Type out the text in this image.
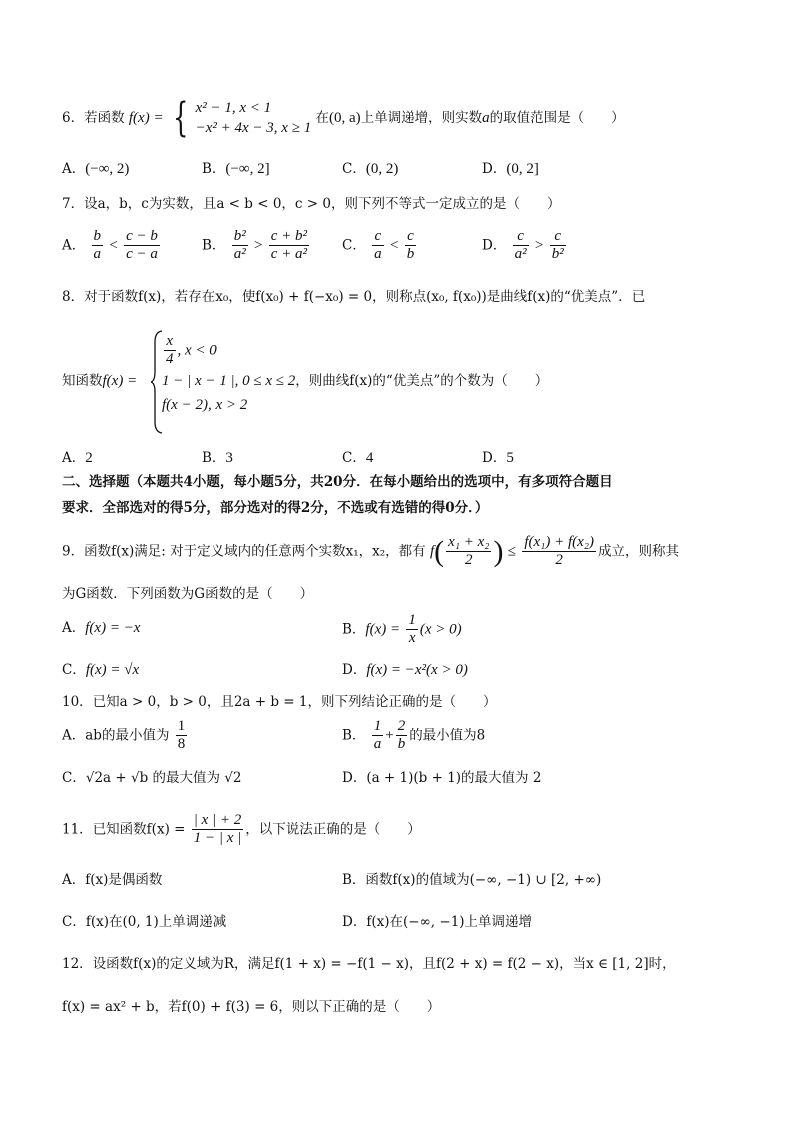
6．若函数 f(x) = { x² − 1, x < 1
−x² + 4x − 3, x ≥ 1
在(0, a)上单调递增，则实数a的取值范围是（　　）
A．(−∞, 2)	B．(−∞, 2]	C．(0, 2)	D．(0, 2]
7．设a，b，c为实数，且a < b < 0，c > 0，则下列不等式一定成立的是（　　）
A． $\frac{b}{a} < \frac{c - b}{c - a}$	B． $\frac{\text{b²}}{\text{a²}} > \frac{\text{c + b²}}{\text{c + a²}}$ C． $\frac{c}{a} < \frac{c}{b}$	D． $\frac{c}{\text{a²}} > \frac{c}{\text{b²}}$
8．对于函数f(x)，若存在x₀，使f(x₀) + f(−x₀) = 0，则称点(x₀, f(x₀))是曲线f(x)的“优美点”．已
知函数f(x) =
$\frac{x}{4}$ , x < 0
1 − | x − 1 |, 0 ≤ x ≤ 2，则曲线f(x)的“优美点”的个数为（　　）
f(x − 2), x > 2
A．2	B．3	C．4	D．5
二、选择题（本题共4小题，每小题5分，共20分．在每小题给出的选项中，有多项符合题目
要求．全部选对的得5分，部分选对的得2分，不选或有选错的得0分．）
9．函数f(x)满足: 对于定义域内的任意两个实数x₁，x₂，都有 $f( \frac{\text{x₁ + x₂}}{2}$ ) ≤ $\frac{\text{f(x₁) + f(x₂)}}{2}$ 成立，则称其
为G函数．下列函数为G函数的是（　　）
A．f(x) = −x	B．$f(x) = \frac{1}{x} (x > 0)$
C．f(x) = √x	D．f(x) = −x²(x > 0)
10．已知a > 0，b > 0，且2a + b = 1，则下列结论正确的是（　　）
A．ab的最小值为 $\frac{1}{8}$	B． $\frac{1}{a} + \frac{2}{b}$ 的最小值为8
C．√2a + √b 的最大值为 √2	D．(a + 1)(b + 1)的最大值为 2
11．已知函数$f(x) = \frac{| x | + 2}{1 - | x |}$ ，以下说法正确的是（　　）
A．f(x)是偶函数	B．函数f(x)的值域为(−∞, −1) ∪ [2, +∞)
C．f(x)在(0, 1)上单调递减	D．f(x)在(−∞, −1)上单调递增
12．设函数f(x)的定义域为R，满足f(1 + x) = −f(1 − x)，且f(2 + x) = f(2 − x)，当x ∈ [1, 2]时，
f(x) = ax² + b，若f(0) + f(3) = 6，则以下正确的是（　　）
